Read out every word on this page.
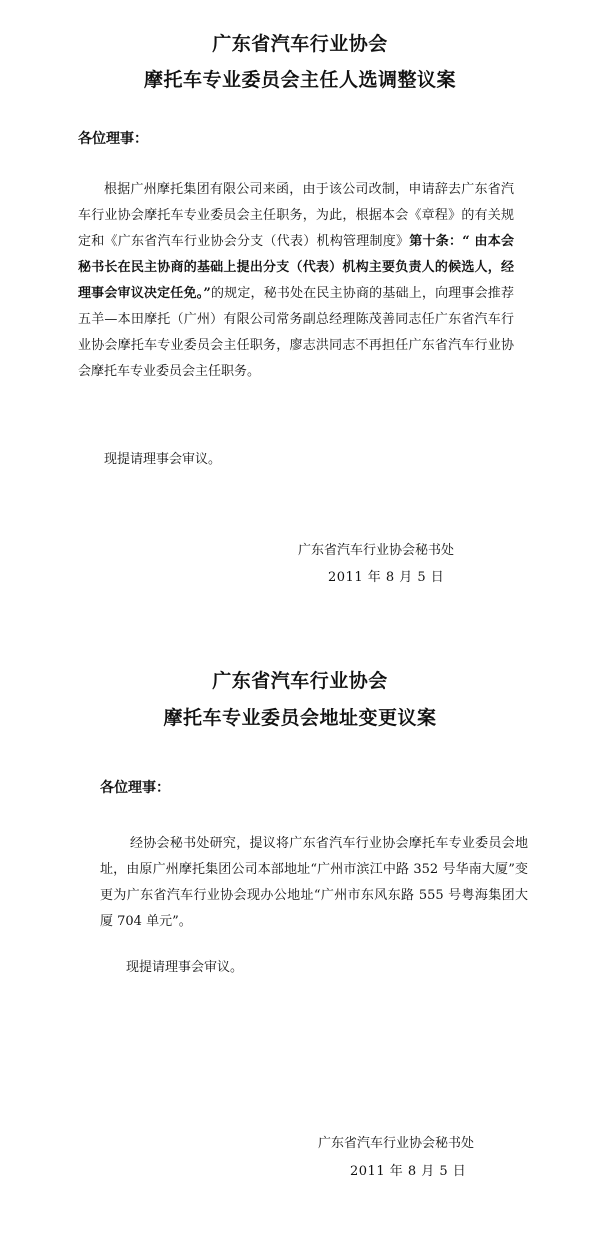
广东省汽车行业协会
摩托车专业委员会主任人选调整议案
各位理事：
根据广州摩托集团有限公司来函，由于该公司改制，申请辞去广东省汽车行业协会摩托车专业委员会主任职务，为此，根据本会《章程》的有关规定和《广东省汽车行业协会分支（代表）机构管理制度》第十条：“ 由本会秘书长在民主协商的基础上提出分支（代表）机构主要负责人的候选人，经理事会审议决定任免。”的规定，秘书处在民主协商的基础上，向理事会推荐五羊—本田摩托（广州）有限公司常务副总经理陈茂善同志任广东省汽车行业协会摩托车专业委员会主任职务，廖志洪同志不再担任广东省汽车行业协会摩托车专业委员会主任职务。
现提请理事会审议。
广东省汽车行业协会秘书处
2011 年 8 月 5 日
广东省汽车行业协会
摩托车专业委员会地址变更议案
各位理事：
经协会秘书处研究，提议将广东省汽车行业协会摩托车专业委员会地址，由原广州摩托集团公司本部地址“广州市滨江中路 352 号华南大厦”变更为广东省汽车行业协会现办公地址“广州市东风东路 555 号粤海集团大厦 704 单元”。
现提请理事会审议。
广东省汽车行业协会秘书处
2011 年 8 月 5 日
